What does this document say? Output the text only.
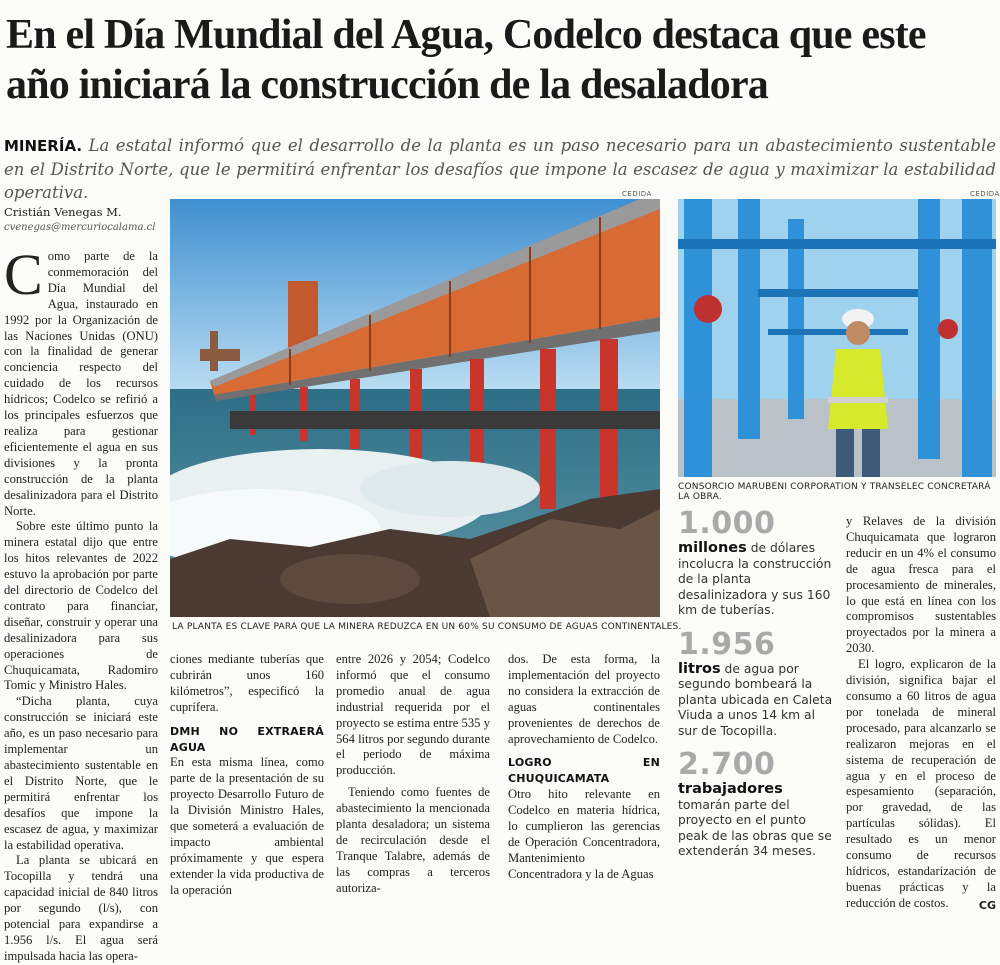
En el Día Mundial del Agua, Codelco destaca que este año iniciará la construcción de la desaladora
MINERÍA. La estatal informó que el desarrollo de la planta es un paso necesario para un abastecimiento sustentable en el Distrito Norte, que le permitirá enfrentar los desafíos que impone la escasez de agua y maximizar la estabilidad operativa.
Cristián Venegas M.
cvenegas@mercuriocalama.cl
CEDIDA
LA PLANTA ES CLAVE PARA QUE LA MINERA REDUZCA EN UN 60% SU CONSUMO DE AGUAS CONTINENTALES.
CEDIDA
CONSORCIO MARUBENI CORPORATION Y TRANSELEC CONCRETARÁ LA OBRA.

Como parte de la conmemoración del Día Mundial del Agua, instaurado en 1992 por la Organización de las Naciones Unidas (ONU) con la finalidad de generar conciencia respecto del cuidado de los recursos hídricos; Codelco se refirió a los principales esfuerzos que realiza para gestionar eficientemente el agua en sus divisiones y la pronta construcción de la planta desalinizadora para el Distrito Norte.

Sobre este último punto la minera estatal dijo que entre los hitos relevantes de 2022 estuvo la aprobación por parte del directorio de Codelco del contrato para financiar, diseñar, construir y operar una desalinizadora para sus operaciones de Chuquicamata, Radomiro Tomic y Ministro Hales.

“Dicha planta, cuya construcción se iniciará este año, es un paso necesario para implementar un abastecimiento sustentable en el Distrito Norte, que le permitirá enfrentar los desafíos que impone la escasez de agua, y maximizar la estabilidad operativa.

La planta se ubicará en Tocopilla y tendrá una capacidad inicial de 840 litros por segundo (l/s), con potencial para expandirse a 1.956 l/s. El agua será impulsada hacia las opera-

ciones mediante tuberías que cubrirán unos 160 kilómetros”, especificó la cuprífera.

DMH NO EXTRAERÁ AGUA

En esta misma línea, como parte de la presentación de su proyecto Desarrollo Futuro de la División Ministro Hales, que someterá a evaluación de impacto ambiental próximamente y que espera extender la vida productiva de la operación

entre 2026 y 2054; Codelco informó que el consumo promedio anual de agua industrial requerida por el proyecto se estima entre 535 y 564 litros por segundo durante el periodo de máxima producción.

Teniendo como fuentes de abastecimiento la mencionada planta desaladora; un sistema de recirculación desde el Tranque Talabre, además de las compras a terceros autoriza-

dos. De esta forma, la implementación del proyecto no considera la extracción de aguas continentales provenientes de derechos de aprovechamiento de Codelco.

LOGRO EN CHUQUICAMATA

Otro hito relevante en Codelco en materia hídrica, lo cumplieron las gerencias de Operación Concentradora, Mantenimiento Concentradora y la de Aguas

1.000
millones de dólares incolucra la construcción de la planta desalinizadora y sus 160 km de tuberías.
1.956
litros de agua por segundo bombeará la planta ubicada en Caleta Viuda a unos 14 km al sur de Tocopilla.
2.700
trabajadores tomarán parte del proyecto en el punto peak de las obras que se extenderán 34 meses.

y Relaves de la división Chuquicamata que lograron reducir en un 4% el consumo de agua fresca para el procesamiento de minerales, lo que está en línea con los compromisos sustentables proyectados por la minera a 2030.

El logro, explicaron de la división, significa bajar el consumo a 60 litros de agua por tonelada de mineral procesado, para alcanzarlo se realizaron mejoras en el sistema de recuperación de agua y en el proceso de espesamiento (separación, por gravedad, de las partículas sólidas). El resultado es un menor consumo de recursos hídricos, estandarización de buenas prácticas y la reducción de costos.	CG
